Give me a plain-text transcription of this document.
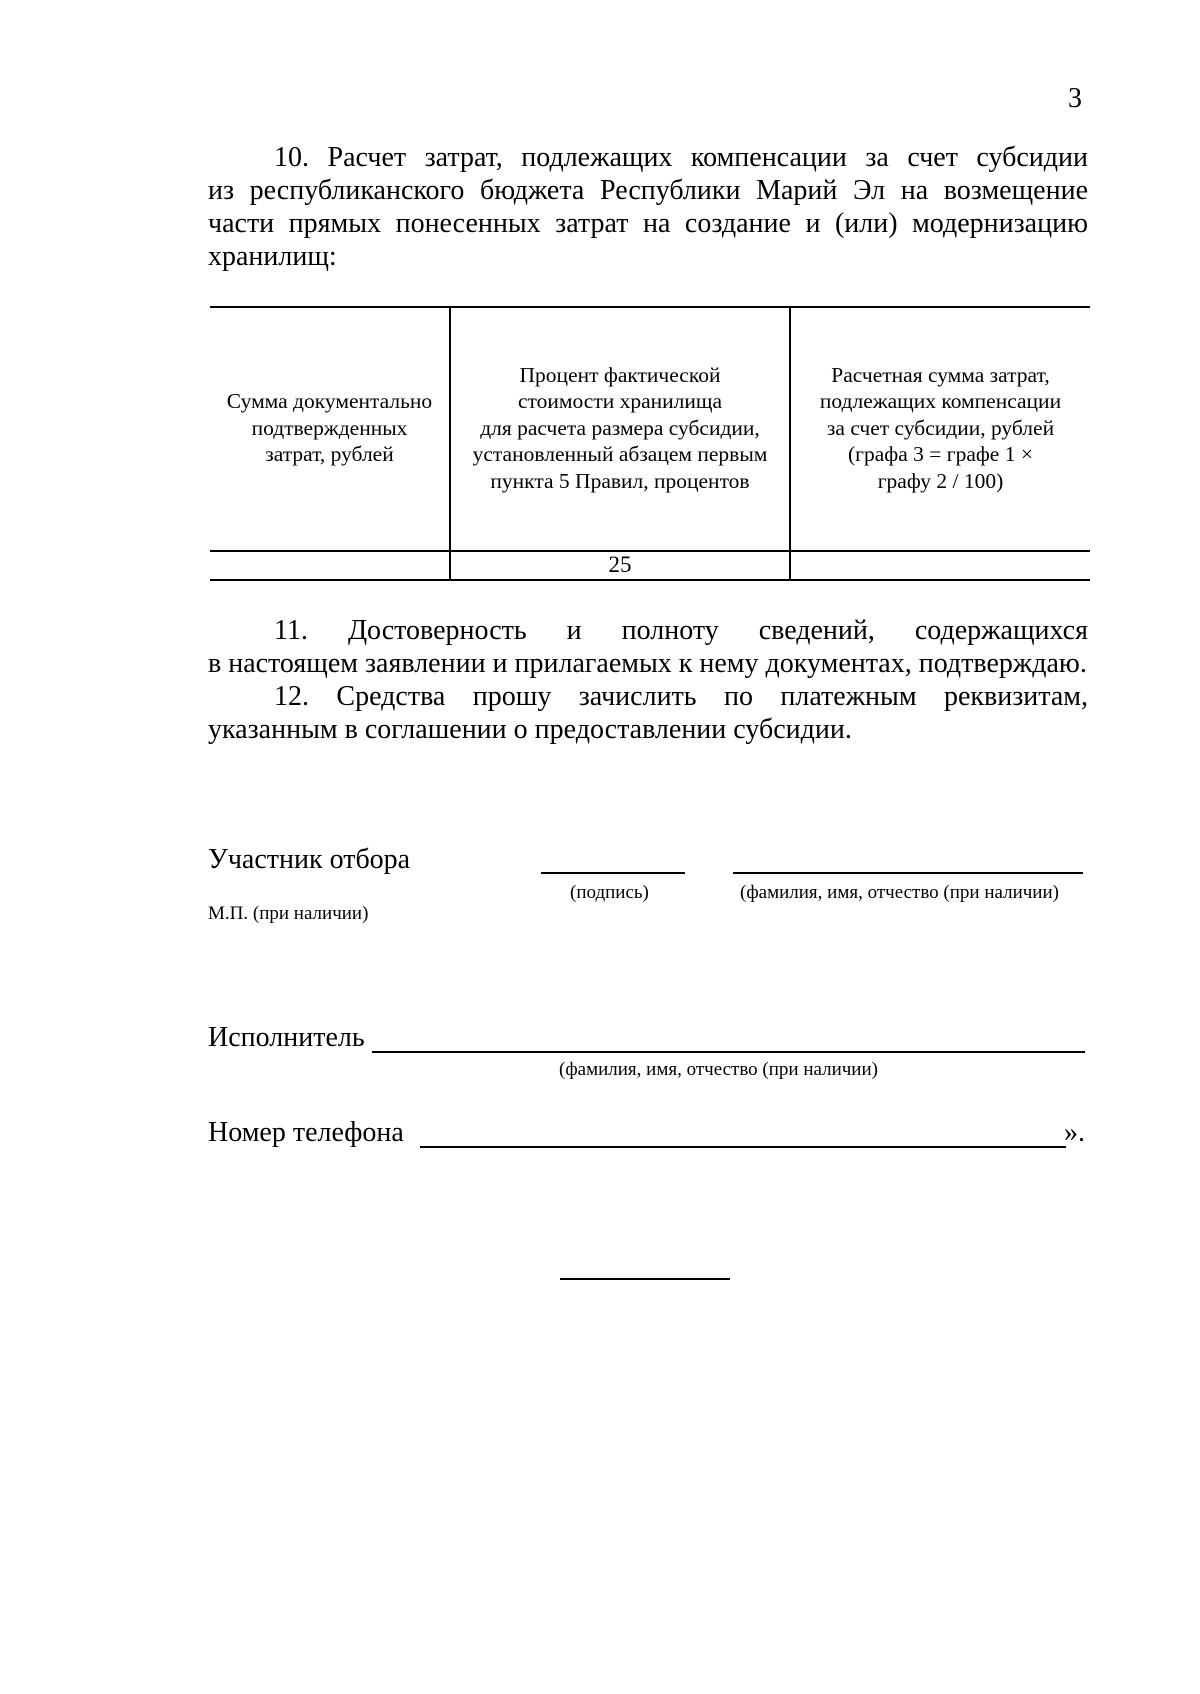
3
10. Расчет затрат, подлежащих компенсации за счет субсидии
из республиканского бюджета Республики Марий Эл на возмещение
части прямых понесенных затрат на создание и (или) модернизацию
хранилищ:
Сумма документально
подтвержденных
затрат, рублей
Процент фактической
стоимости хранилища
для расчета размера субсидии,
установленный абзацем первым
пункта 5 Правил, процентов
Расчетная сумма затрат,
подлежащих компенсации
за счет субсидии, рублей
(графа 3 = графе 1 ×
графу 2 / 100)
25
11. Достоверность и полноту сведений, содержащихся
в настоящем заявлении и прилагаемых к нему документах, подтверждаю.
12. Средства прошу зачислить по платежным реквизитам,
указанным в соглашении о предоставлении субсидии.
Участник отбора
(подпись)	(фамилия, имя, отчество (при наличии)
М.П. (при наличии)
Исполнитель
(фамилия, имя, отчество (при наличии)
Номер телефона	».
